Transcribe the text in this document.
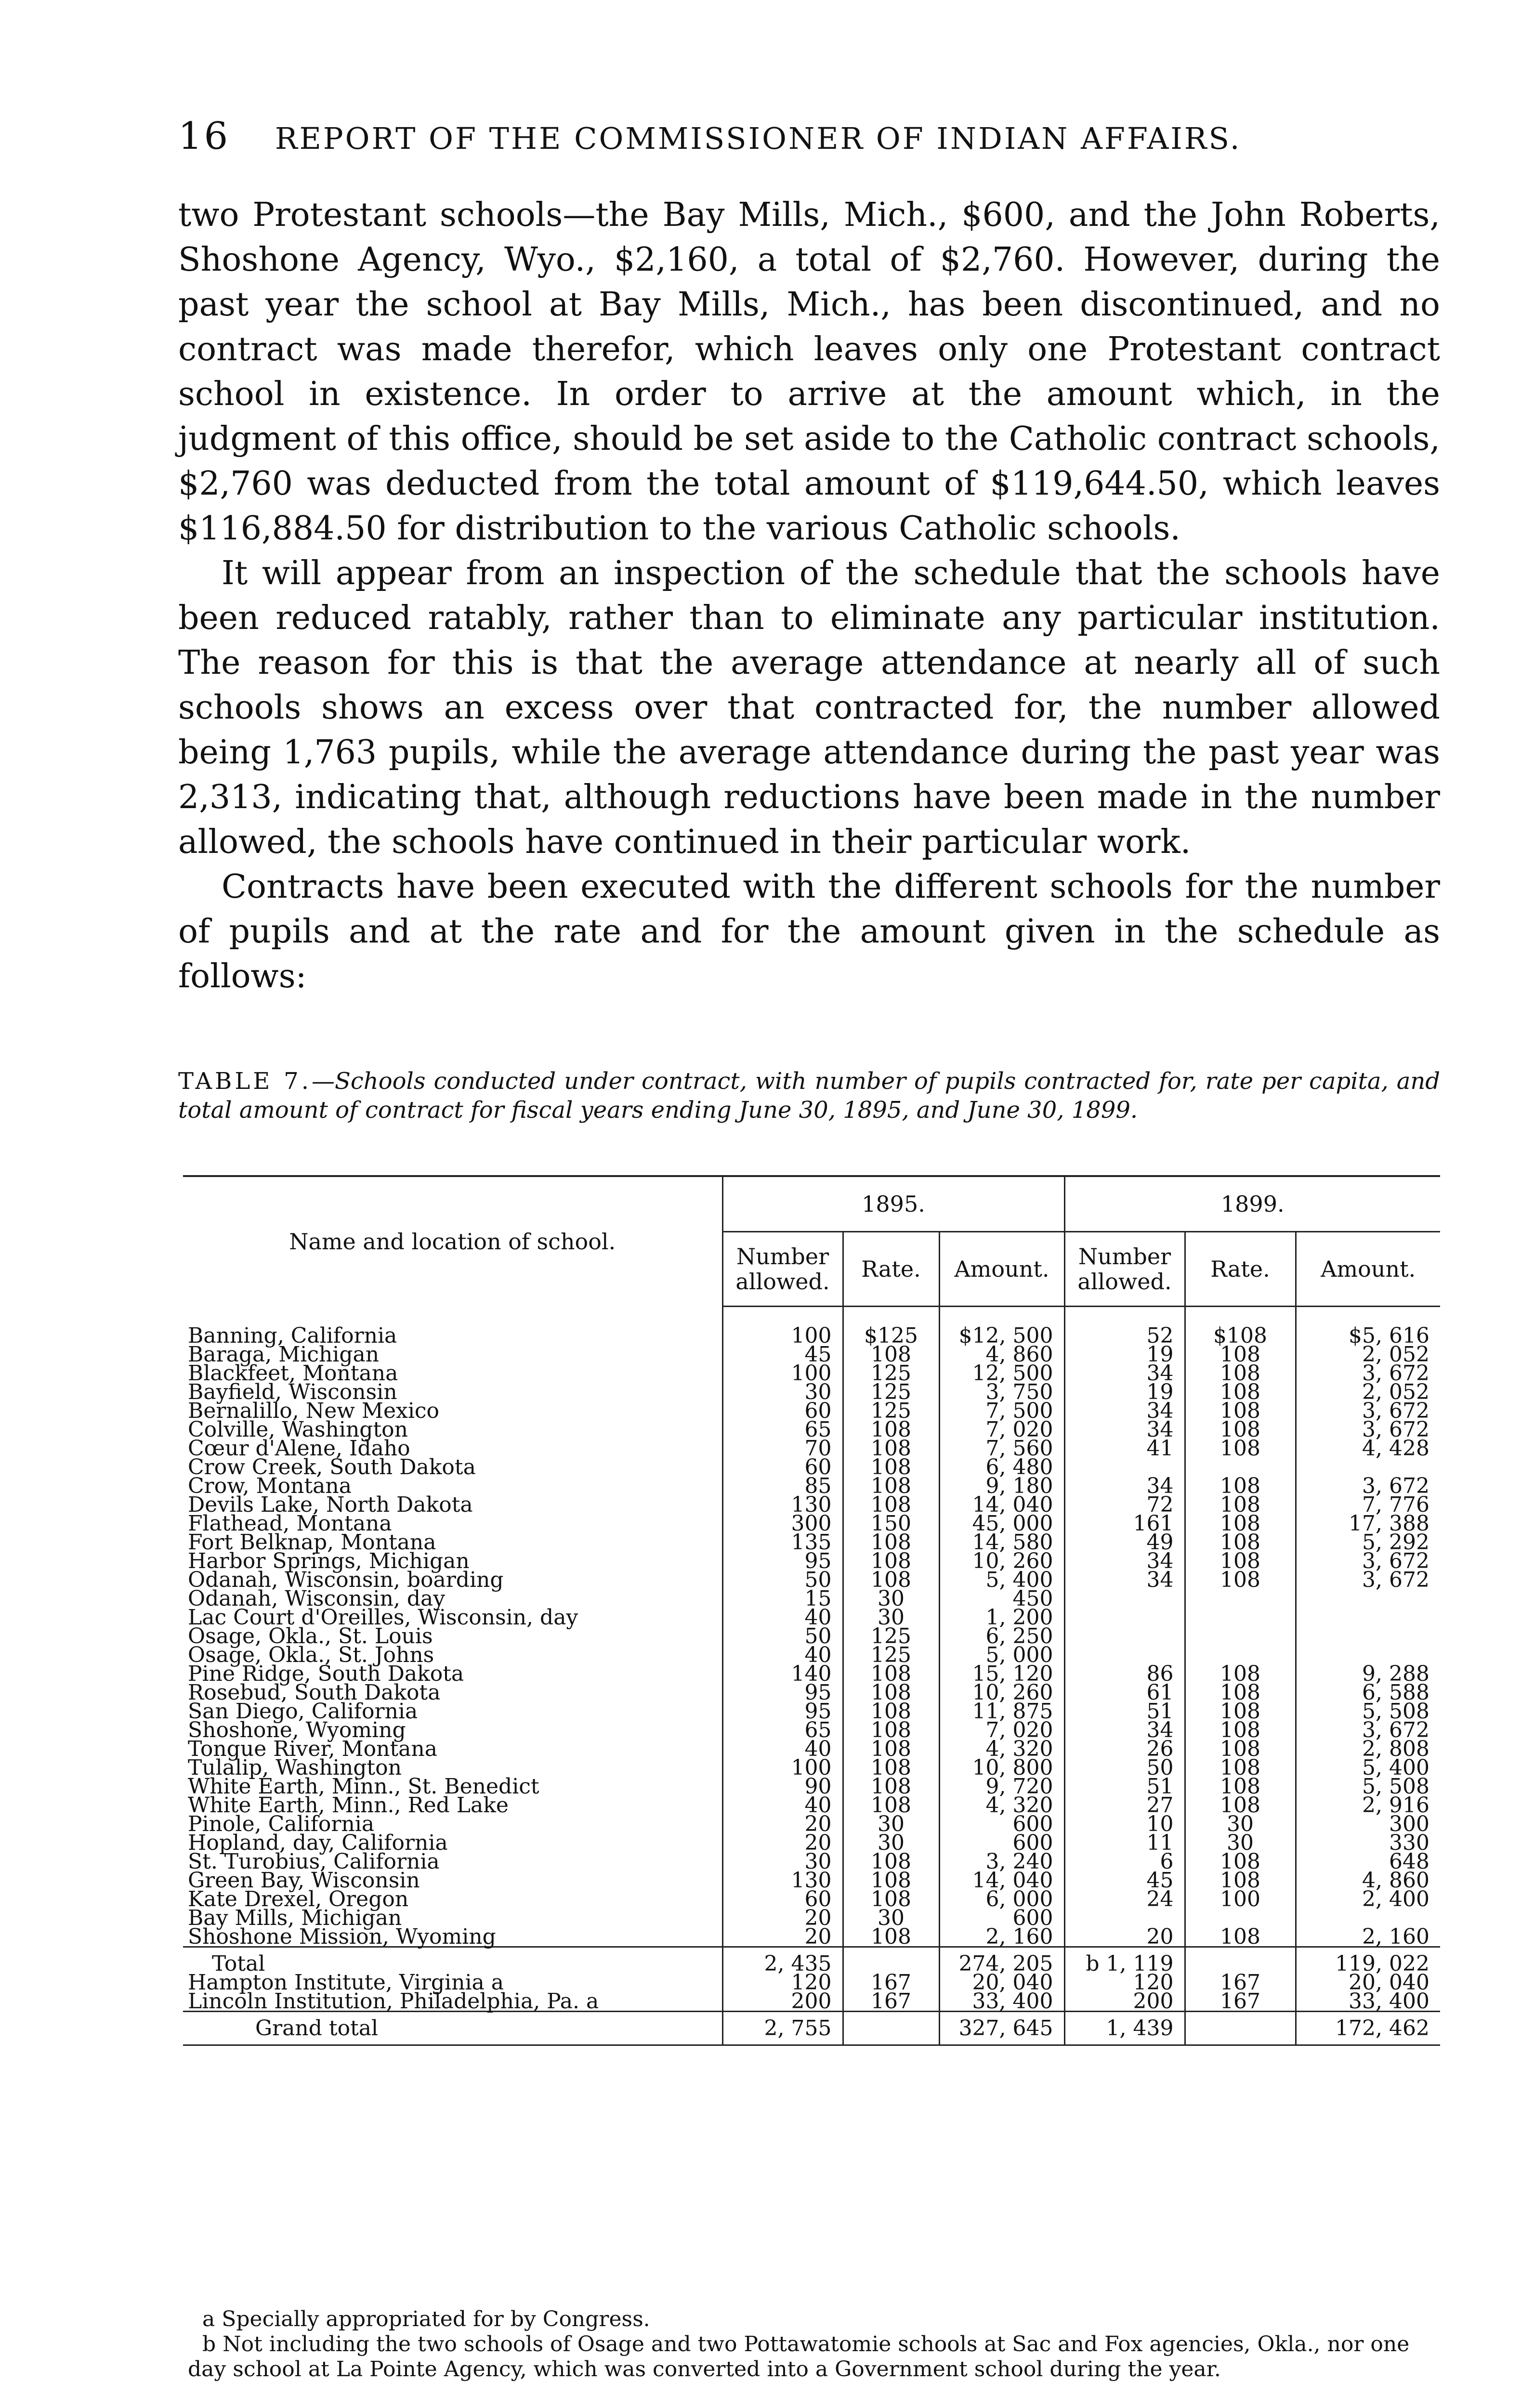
16 REPORT OF THE COMMISSIONER OF INDIAN AFFAIRS.

two Protestant schools—the Bay Mills, Mich., $600, and the John Roberts, Shoshone Agency, Wyo., $2,160, a total of $2,760. However, during the past year the school at Bay Mills, Mich., has been discontinued, and no contract was made therefor, which leaves only one Protestant contract school in existence. In order to arrive at the amount which, in the judgment of this office, should be set aside to the Catholic contract schools, $2,760 was deducted from the total amount of $119,644.50, which leaves $116,884.50 for distribution to the various Catholic schools.

It will appear from an inspection of the schedule that the schools have been reduced ratably, rather than to eliminate any particular institution. The reason for this is that the average attendance at nearly all of such schools shows an excess over that contracted for, the number allowed being 1,763 pupils, while the average attendance during the past year was 2,313, indicating that, although reductions have been made in the number allowed, the schools have continued in their particular work.

Contracts have been executed with the different schools for the number of pupils and at the rate and for the amount given in the schedule as follows:

TABLE 7.—Schools conducted under contract, with number of pupils contracted for, rate per capita, and total amount of contract for fiscal years ending June 30, 1895, and June 30, 1899.
Name and location of school.	1895.			1899.		
	Number allowed.	Rate.	Amount.	Number allowed.	Rate.	Amount.

Banning, California	100	$125	$12, 500	52	$108	$5, 616
Baraga, Michigan	45	108	4, 860	19	108	2, 052
Blackfeet, Montana	100	125	12, 500	34	108	3, 672
Bayfield, Wisconsin	30	125	3, 750	19	108	2, 052
Bernalillo, New Mexico	60	125	7, 500	34	108	3, 672
Colville, Washington	65	108	7, 020	34	108	3, 672
Cœur d'Alene, Idaho	70	108	7, 560	41	108	4, 428
Crow Creek, South Dakota	60	108	6, 480			
Crow, Montana	85	108	9, 180	34	108	3, 672
Devils Lake, North Dakota	130	108	14, 040	72	108	7, 776
Flathead, Montana	300	150	45, 000	161	108	17, 388
Fort Belknap, Montana	135	108	14, 580	49	108	5, 292
Harbor Springs, Michigan	95	108	10, 260	34	108	3, 672
Odanah, Wisconsin, boarding	50	108	5, 400	34	108	3, 672
Odanah, Wisconsin, day	15	30	450			
Lac Court d'Oreilles, Wisconsin, day	40	30	1, 200			
Osage, Okla., St. Louis	50	125	6, 250			
Osage, Okla., St. Johns	40	125	5, 000			
Pine Ridge, South Dakota	140	108	15, 120	86	108	9, 288
Rosebud, South Dakota	95	108	10, 260	61	108	6, 588
San Diego, California	95	108	11, 875	51	108	5, 508
Shoshone, Wyoming	65	108	7, 020	34	108	3, 672
Tongue River, Montana	40	108	4, 320	26	108	2, 808
Tulalip, Washington	100	108	10, 800	50	108	5, 400
White Earth, Minn., St. Benedict	90	108	9, 720	51	108	5, 508
White Earth, Minn., Red Lake	40	108	4, 320	27	108	2, 916
Pinole, California	20	30	600	10	30	300
Hopland, day, California	20	30	600	11	30	330
St. Turobius, California	30	108	3, 240	6	108	648
Green Bay, Wisconsin	130	108	14, 040	45	108	4, 860
Kate Drexel, Oregon	60	108	6, 000	24	100	2, 400
Bay Mills, Michigan	20	30	600			
Shoshone Mission, Wyoming	20	108	2, 160	20	108	2, 160

Total	2, 435		274, 205	b 1, 119		119, 022
Hampton Institute, Virginia a	120	167	20, 040	120	167	20, 040
Lincoln Institution, Philadelphia, Pa. a	200	167	33, 400	200	167	33, 400

Grand total	2, 755		327, 645	1, 439		172, 462

a Specially appropriated for by Congress.

b Not including the two schools of Osage and two Pottawatomie schools at Sac and Fox agencies, Okla., nor one day school at La Pointe Agency, which was converted into a Government school during the year.
